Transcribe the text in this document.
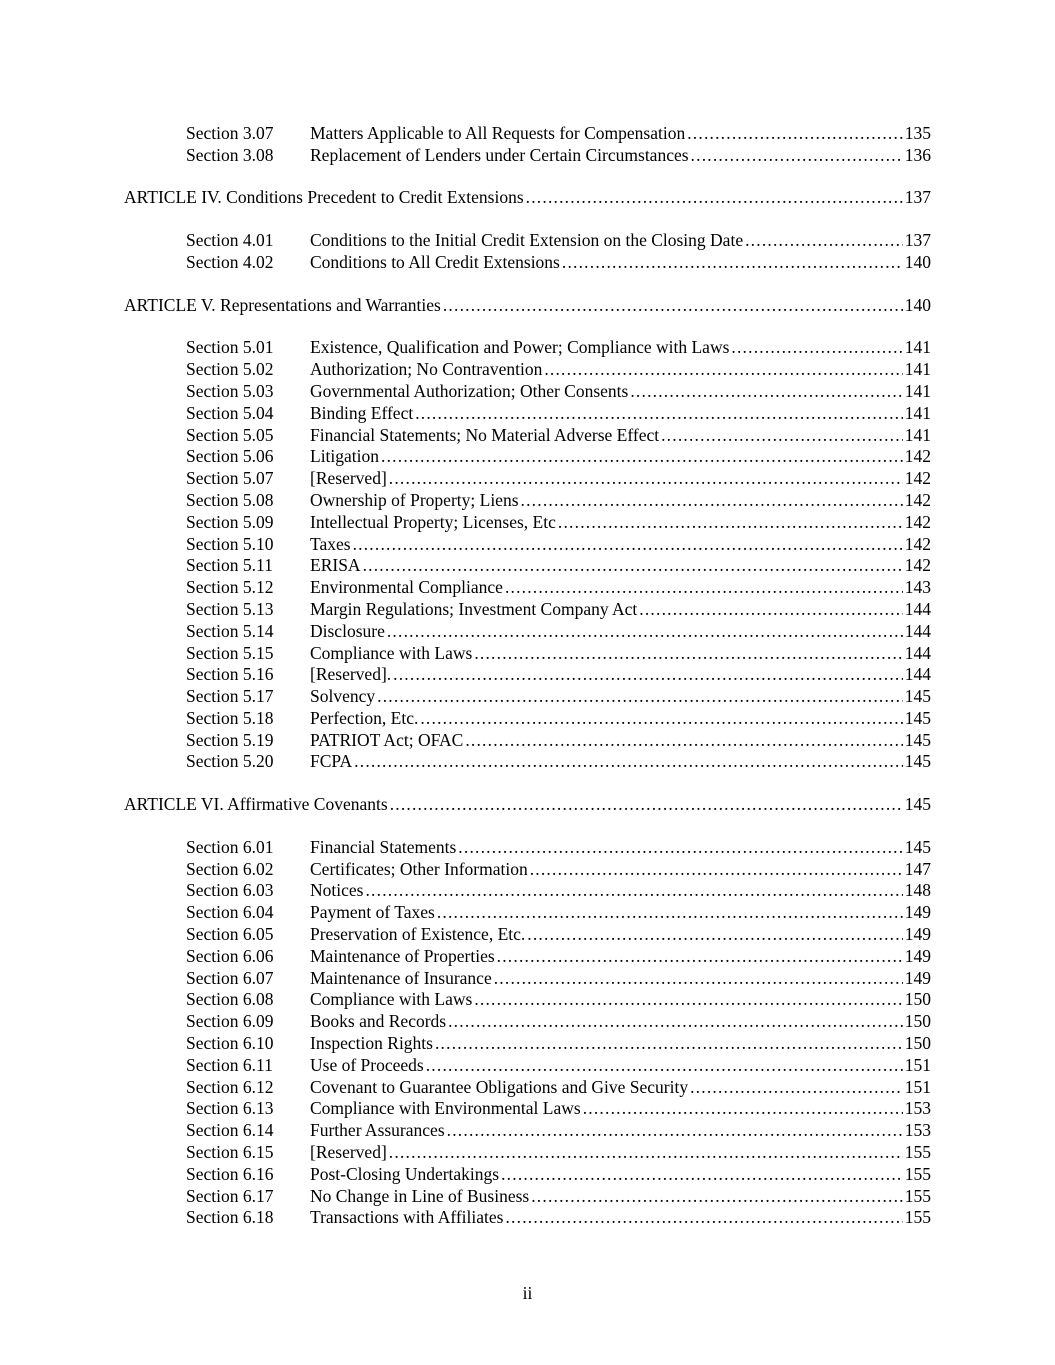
Section 3.07	Matters Applicable to All Requests for Compensation .....	135
Section 3.08	Replacement of Lenders under Certain Circumstances .....	136
ARTICLE IV. Conditions Precedent to Credit Extensions .....	137
Section 4.01	Conditions to the Initial Credit Extension on the Closing Date .....	137
Section 4.02	Conditions to All Credit Extensions .....	140
ARTICLE V. Representations and Warranties .....	140
Section 5.01	Existence, Qualification and Power; Compliance with Laws .....	141
Section 5.02	Authorization; No Contravention .....	141
Section 5.03	Governmental Authorization; Other Consents .....	141
Section 5.04	Binding Effect .....	141
Section 5.05	Financial Statements; No Material Adverse Effect .....	141
Section 5.06	Litigation .....	142
Section 5.07	[Reserved] .....	142
Section 5.08	Ownership of Property; Liens .....	142
Section 5.09	Intellectual Property; Licenses, Etc .....	142
Section 5.10	Taxes .....	142
Section 5.11	ERISA .....	142
Section 5.12	Environmental Compliance .....	143
Section 5.13	Margin Regulations; Investment Company Act .....	144
Section 5.14	Disclosure .....	144
Section 5.15	Compliance with Laws .....	144
Section 5.16	[Reserved]. .....	144
Section 5.17	Solvency .....	145
Section 5.18	Perfection, Etc. .....	145
Section 5.19	PATRIOT Act; OFAC .....	145
Section 5.20	FCPA .....	145
ARTICLE VI. Affirmative Covenants .....	145
Section 6.01	Financial Statements .....	145
Section 6.02	Certificates; Other Information .....	147
Section 6.03	Notices .....	148
Section 6.04	Payment of Taxes .....	149
Section 6.05	Preservation of Existence, Etc. .....	149
Section 6.06	Maintenance of Properties .....	149
Section 6.07	Maintenance of Insurance .....	149
Section 6.08	Compliance with Laws .....	150
Section 6.09	Books and Records .....	150
Section 6.10	Inspection Rights .....	150
Section 6.11	Use of Proceeds .....	151
Section 6.12	Covenant to Guarantee Obligations and Give Security .....	151
Section 6.13	Compliance with Environmental Laws .....	153
Section 6.14	Further Assurances .....	153
Section 6.15	[Reserved] .....	155
Section 6.16	Post-Closing Undertakings .....	155
Section 6.17	No Change in Line of Business .....	155
Section 6.18	Transactions with Affiliates .....	155
ii
